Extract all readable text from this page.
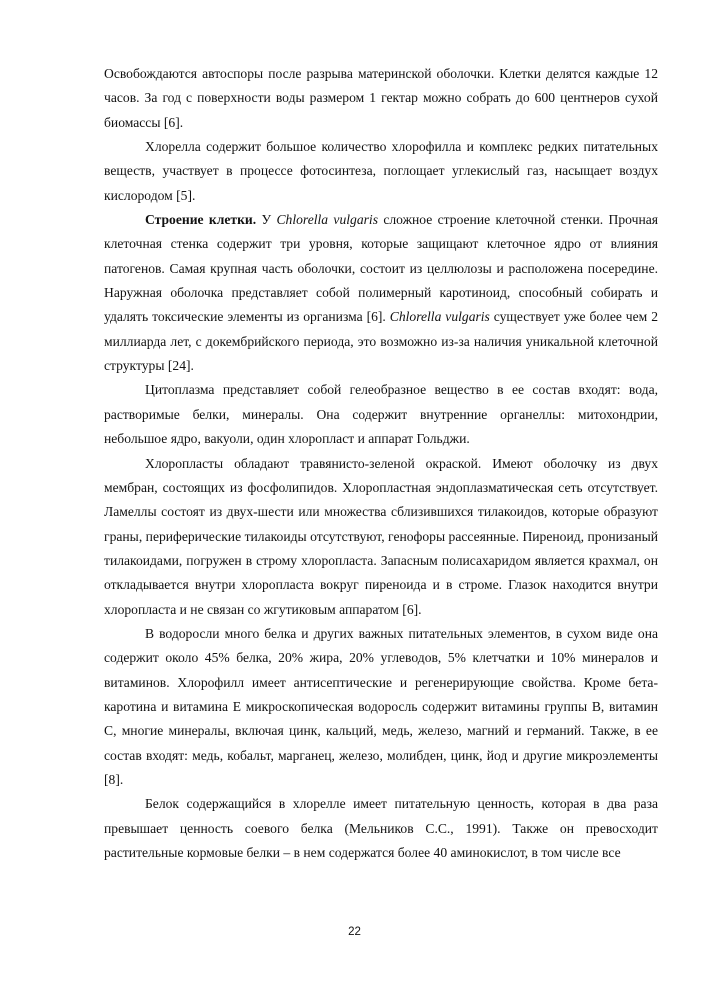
Освобождаются автоспоры после разрыва материнской оболочки. Клетки делятся каждые 12 часов. За год с поверхности воды размером 1 гектар можно собрать до 600 центнеров сухой биомассы [6].

Хлорелла содержит большое количество хлорофилла и комплекс редких питательных веществ, участвует в процессе фотосинтеза, поглощает углекислый газ, насыщает воздух кислородом [5].

Строение клетки. У Chlorella vulgaris сложное строение клеточной стенки. Прочная клеточная стенка содержит три уровня, которые защищают клеточное ядро от влияния патогенов. Самая крупная часть оболочки, состоит из целлюлозы и расположена посередине. Наружная оболочка представляет собой полимерный каротиноид, способный собирать и удалять токсические элементы из организма [6]. Chlorella vulgaris существует уже более чем 2 миллиарда лет, с докембрийского периода, это возможно из-за наличия уникальной клеточной структуры [24].

Цитоплазма представляет собой гелеобразное вещество в ее состав входят: вода, растворимые белки, минералы. Она содержит внутренние органеллы: митохондрии, небольшое ядро, вакуоли, один хлоропласт и аппарат Гольджи.

Хлоропласты обладают травянисто-зеленой окраской. Имеют оболочку из двух мембран, состоящих из фосфолипидов. Хлоропластная эндоплазматическая сеть отсутствует. Ламеллы состоят из двух-шести или множества сблизившихся тилакоидов, которые образуют граны, периферические тилакоиды отсутствуют, генофоры рассеянные. Пиреноид, пронизаный тилакоидами, погружен в строму хлоропласта. Запасным полисахаридом является крахмал, он откладывается внутри хлоропласта вокруг пиреноида и в строме. Глазок находится внутри хлоропласта и не связан со жгутиковым аппаратом [6].

В водоросли много белка и других важных питательных элементов, в сухом виде она содержит около 45% белка, 20% жира, 20% углеводов, 5% клетчатки и 10% минералов и витаминов. Хлорофилл имеет антисептические и регенерирующие свойства. Кроме бета-каротина и витамина Е микроскопическая водоросль содержит витамины группы В, витамин С, многие минералы, включая цинк, кальций, медь, железо, магний и германий. Также, в ее состав входят: медь, кобальт, марганец, железо, молибден, цинк, йод и другие микроэлементы [8].

Белок содержащийся в хлорелле имеет питательную ценность, которая в два раза превышает ценность соевого белка (Мельников С.С., 1991). Также он превосходит растительные кормовые белки – в нем содержатся более 40 аминокислот, в том числе все

22
